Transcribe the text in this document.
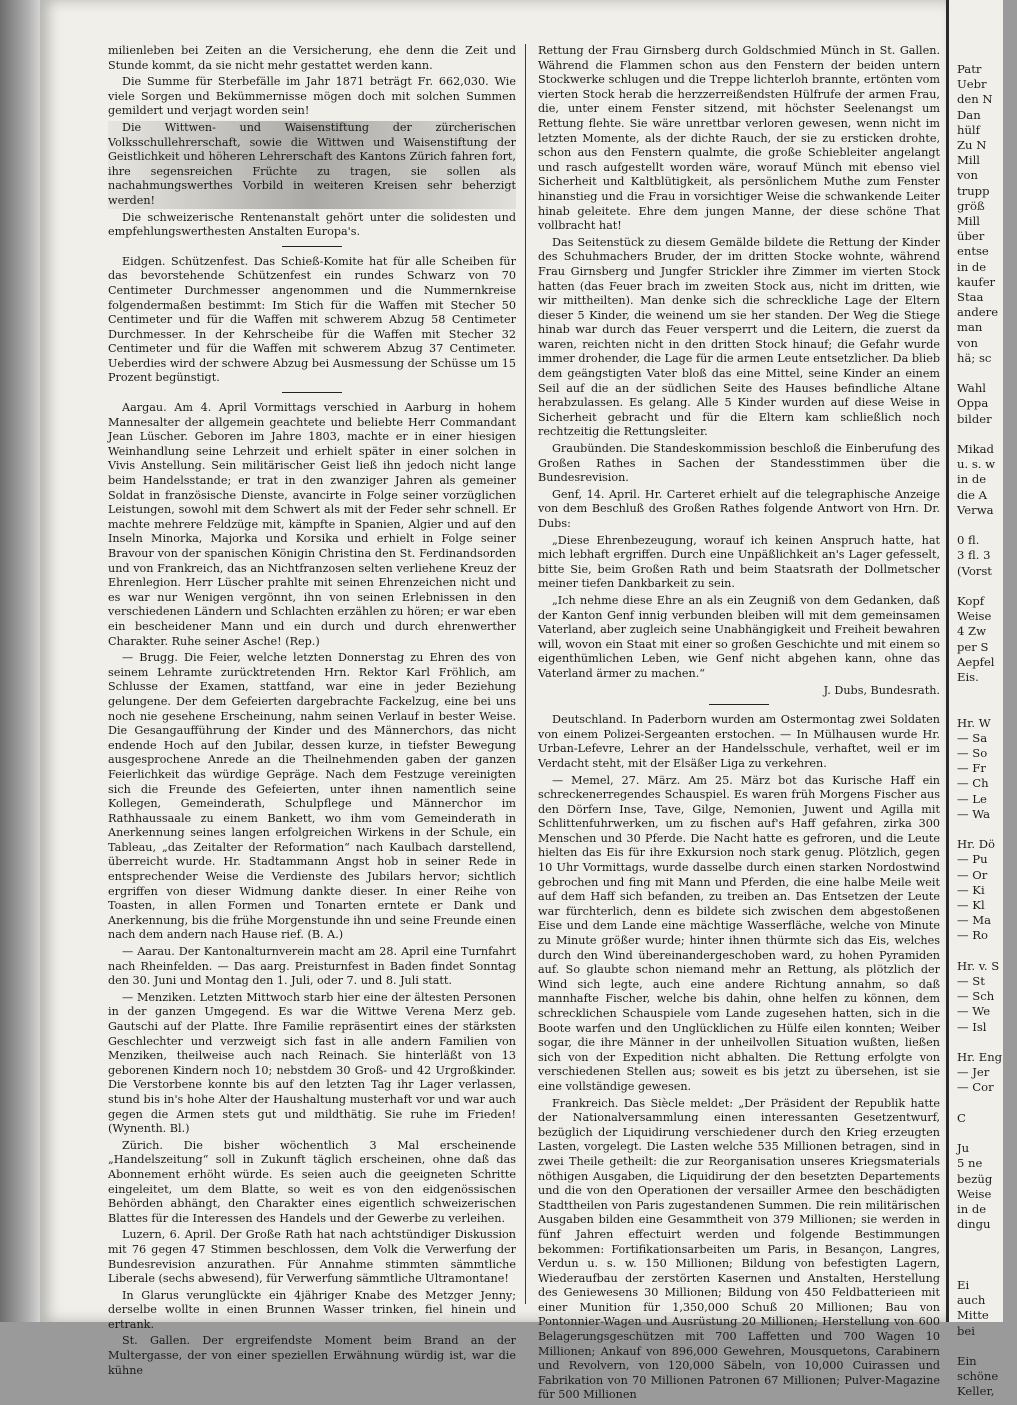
milienleben bei Zeiten an die Versicherung, ehe denn die Zeit und Stunde kommt, da sie nicht mehr gestattet werden kann.

Die Summe für Sterbefälle im Jahr 1871 beträgt Fr. 662,030. Wie viele Sorgen und Bekümmernisse mögen doch mit solchen Summen gemildert und verjagt worden sein!

Die Wittwen- und Waisenstiftung der zürcherischen Volksschullehrerschaft, sowie die Wittwen und Waisenstiftung der Geistlichkeit und höheren Lehrerschaft des Kantons Zürich fahren fort, ihre segensreichen Früchte zu tragen, sie sollen als nachahmungswerthes Vorbild in weiteren Kreisen sehr beherzigt werden!

Die schweizerische Rentenanstalt gehört unter die solidesten und empfehlungswerthesten Anstalten Europa's.

Eidgen. Schützenfest. Das Schieß-Komite hat für alle Scheiben für das bevorstehende Schützenfest ein rundes Schwarz von 70 Centimeter Durchmesser angenommen und die Nummernkreise folgendermaßen bestimmt: Im Stich für die Waffen mit Stecher 50 Centimeter und für die Waffen mit schwerem Abzug 58 Centimeter Durchmesser. In der Kehrscheibe für die Waffen mit Stecher 32 Centimeter und für die Waffen mit schwerem Abzug 37 Centimeter. Ueberdies wird der schwere Abzug bei Ausmessung der Schüsse um 15 Prozent begünstigt.

Aargau. Am 4. April Vormittags verschied in Aarburg in hohem Mannesalter der allgemein geachtete und beliebte Herr Commandant Jean Lüscher. Geboren im Jahre 1803, machte er in einer hiesigen Weinhandlung seine Lehrzeit und erhielt später in einer solchen in Vivis Anstellung. Sein militärischer Geist ließ ihn jedoch nicht lange beim Handelsstande; er trat in den zwanziger Jahren als gemeiner Soldat in französische Dienste, avancirte in Folge seiner vorzüglichen Leistungen, sowohl mit dem Schwert als mit der Feder sehr schnell. Er machte mehrere Feldzüge mit, kämpfte in Spanien, Algier und auf den Inseln Minorka, Majorka und Korsika und erhielt in Folge seiner Bravour von der spanischen Königin Christina den St. Ferdinandsorden und von Frankreich, das an Nichtfranzosen selten verliehene Kreuz der Ehrenlegion. Herr Lüscher prahlte mit seinen Ehrenzeichen nicht und es war nur Wenigen vergönnt, ihn von seinen Erlebnissen in den verschiedenen Ländern und Schlachten erzählen zu hören; er war eben ein bescheidener Mann und ein durch und durch ehrenwerther Charakter. Ruhe seiner Asche! (Rep.)

— Brugg. Die Feier, welche letzten Donnerstag zu Ehren des von seinem Lehramte zurücktretenden Hrn. Rektor Karl Fröhlich, am Schlusse der Examen, stattfand, war eine in jeder Beziehung gelungene. Der dem Gefeierten dargebrachte Fackelzug, eine bei uns noch nie gesehene Erscheinung, nahm seinen Verlauf in bester Weise. Die Gesangaufführung der Kinder und des Männerchors, das nicht endende Hoch auf den Jubilar, dessen kurze, in tiefster Bewegung ausgesprochene Anrede an die Theilnehmenden gaben der ganzen Feierlichkeit das würdige Gepräge. Nach dem Festzuge vereinigten sich die Freunde des Gefeierten, unter ihnen namentlich seine Kollegen, Gemeinderath, Schulpflege und Männerchor im Rathhaussaale zu einem Bankett, wo ihm vom Gemeinderath in Anerkennung seines langen erfolgreichen Wirkens in der Schule, ein Tableau, „das Zeitalter der Reformation“ nach Kaulbach darstellend, überreicht wurde. Hr. Stadtammann Angst hob in seiner Rede in entsprechender Weise die Verdienste des Jubilars hervor; sichtlich ergriffen von dieser Widmung dankte dieser. In einer Reihe von Toasten, in allen Formen und Tonarten erntete er Dank und Anerkennung, bis die frühe Morgenstunde ihn und seine Freunde einen nach dem andern nach Hause rief. (B. A.)

— Aarau. Der Kantonalturnverein macht am 28. April eine Turnfahrt nach Rheinfelden. — Das aarg. Preisturnfest in Baden findet Sonntag den 30. Juni und Montag den 1. Juli, oder 7. und 8. Juli statt.

— Menziken. Letzten Mittwoch starb hier eine der ältesten Personen in der ganzen Umgegend. Es war die Wittwe Verena Merz geb. Gautschi auf der Platte. Ihre Familie repräsentirt eines der stärksten Geschlechter und verzweigt sich fast in alle andern Familien von Menziken, theilweise auch nach Reinach. Sie hinterläßt von 13 geborenen Kindern noch 10; nebstdem 30 Groß- und 42 Urgroßkinder. Die Verstorbene konnte bis auf den letzten Tag ihr Lager verlassen, stund bis in's hohe Alter der Haushaltung musterhaft vor und war auch gegen die Armen stets gut und mildthätig. Sie ruhe im Frieden! (Wynenth. Bl.)

Zürich. Die bisher wöchentlich 3 Mal erscheinende „Handelszeitung“ soll in Zukunft täglich erscheinen, ohne daß das Abonnement erhöht würde. Es seien auch die geeigneten Schritte eingeleitet, um dem Blatte, so weit es von den eidgenössischen Behörden abhängt, den Charakter eines eigentlich schweizerischen Blattes für die Interessen des Handels und der Gewerbe zu verleihen.

Luzern, 6. April. Der Große Rath hat nach achtstündiger Diskussion mit 76 gegen 47 Stimmen beschlossen, dem Volk die Verwerfung der Bundesrevision anzurathen. Für Annahme stimmten sämmtliche Liberale (sechs abwesend), für Verwerfung sämmtliche Ultramontane!

In Glarus verunglückte ein 4jähriger Knabe des Metzger Jenny; derselbe wollte in einen Brunnen Wasser trinken, fiel hinein und ertrank.

St. Gallen. Der ergreifendste Moment beim Brand an der Multergasse, der von einer speziellen Erwähnung würdig ist, war die kühne

Rettung der Frau Girnsberg durch Goldschmied Münch in St. Gallen. Während die Flammen schon aus den Fenstern der beiden untern Stockwerke schlugen und die Treppe lichterloh brannte, ertönten vom vierten Stock herab die herzzerreißendsten Hülfrufe der armen Frau, die, unter einem Fenster sitzend, mit höchster Seelenangst um Rettung flehte. Sie wäre unrettbar verloren gewesen, wenn nicht im letzten Momente, als der dichte Rauch, der sie zu ersticken drohte, schon aus den Fenstern qualmte, die große Schiebleiter angelangt und rasch aufgestellt worden wäre, worauf Münch mit ebenso viel Sicherheit und Kaltblütigkeit, als persönlichem Muthe zum Fenster hinanstieg und die Frau in vorsichtiger Weise die schwankende Leiter hinab geleitete. Ehre dem jungen Manne, der diese schöne That vollbracht hat!

Das Seitenstück zu diesem Gemälde bildete die Rettung der Kinder des Schuhmachers Bruder, der im dritten Stocke wohnte, während Frau Girnsberg und Jungfer Strickler ihre Zimmer im vierten Stock hatten (das Feuer brach im zweiten Stock aus, nicht im dritten, wie wir mittheilten). Man denke sich die schreckliche Lage der Eltern dieser 5 Kinder, die weinend um sie her standen. Der Weg die Stiege hinab war durch das Feuer versperrt und die Leitern, die zuerst da waren, reichten nicht in den dritten Stock hinauf; die Gefahr wurde immer drohender, die Lage für die armen Leute entsetzlicher. Da blieb dem geängstigten Vater bloß das eine Mittel, seine Kinder an einem Seil auf die an der südlichen Seite des Hauses befindliche Altane herabzulassen. Es gelang. Alle 5 Kinder wurden auf diese Weise in Sicherheit gebracht und für die Eltern kam schließlich noch rechtzeitig die Rettungsleiter.

Graubünden. Die Standeskommission beschloß die Einberufung des Großen Rathes in Sachen der Standesstimmen über die Bundesrevision.

Genf, 14. April. Hr. Carteret erhielt auf die telegraphische Anzeige von dem Beschluß des Großen Rathes folgende Antwort von Hrn. Dr. Dubs:

„Diese Ehrenbezeugung, worauf ich keinen Anspruch hatte, hat mich lebhaft ergriffen. Durch eine Unpäßlichkeit an's Lager gefesselt, bitte Sie, beim Großen Rath und beim Staatsrath der Dollmetscher meiner tiefen Dankbarkeit zu sein.

„Ich nehme diese Ehre an als ein Zeugniß von dem Gedanken, daß der Kanton Genf innig verbunden bleiben will mit dem gemeinsamen Vaterland, aber zugleich seine Unabhängigkeit und Freiheit bewahren will, wovon ein Staat mit einer so großen Geschichte und mit einem so eigenthümlichen Leben, wie Genf nicht abgehen kann, ohne das Vaterland ärmer zu machen.“

J. Dubs, Bundesrath.

Deutschland. In Paderborn wurden am Ostermontag zwei Soldaten von einem Polizei-Sergeanten erstochen. — In Mülhausen wurde Hr. Urban-Lefevre, Lehrer an der Handelsschule, verhaftet, weil er im Verdacht steht, mit der Elsäßer Liga zu verkehren.

— Memel, 27. März. Am 25. März bot das Kurische Haff ein schreckenerregendes Schauspiel. Es waren früh Morgens Fischer aus den Dörfern Inse, Tave, Gilge, Nemonien, Juwent und Agilla mit Schlittenfuhrwerken, um zu fischen auf's Haff gefahren, zirka 300 Menschen und 30 Pferde. Die Nacht hatte es gefroren, und die Leute hielten das Eis für ihre Exkursion noch stark genug. Plötzlich, gegen 10 Uhr Vormittags, wurde dasselbe durch einen starken Nordostwind gebrochen und fing mit Mann und Pferden, die eine halbe Meile weit auf dem Haff sich befanden, zu treiben an. Das Entsetzen der Leute war fürchterlich, denn es bildete sich zwischen dem abgestoßenen Eise und dem Lande eine mächtige Wasserfläche, welche von Minute zu Minute größer wurde; hinter ihnen thürmte sich das Eis, welches durch den Wind übereinandergeschoben ward, zu hohen Pyramiden auf. So glaubte schon niemand mehr an Rettung, als plötzlich der Wind sich legte, auch eine andere Richtung annahm, so daß mannhafte Fischer, welche bis dahin, ohne helfen zu können, dem schrecklichen Schauspiele vom Lande zugesehen hatten, sich in die Boote warfen und den Unglücklichen zu Hülfe eilen konnten; Weiber sogar, die ihre Männer in der unheilvollen Situation wußten, ließen sich von der Expedition nicht abhalten. Die Rettung erfolgte von verschiedenen Stellen aus; soweit es bis jetzt zu übersehen, ist sie eine vollständige gewesen.

Frankreich. Das Siècle meldet: „Der Präsident der Republik hatte der Nationalversammlung einen interessanten Gesetzentwurf, bezüglich der Liquidirung verschiedener durch den Krieg erzeugten Lasten, vorgelegt. Die Lasten welche 535 Millionen betragen, sind in zwei Theile getheilt: die zur Reorganisation unseres Kriegsmaterials nöthigen Ausgaben, die Liquidirung der den besetzten Departements und die von den Operationen der versailler Armee den beschädigten Stadttheilen von Paris zugestandenen Summen. Die rein militärischen Ausgaben bilden eine Gesammtheit von 379 Millionen; sie werden in fünf Jahren effectuirt werden und folgende Bestimmungen bekommen: Fortifikationsarbeiten um Paris, in Besançon, Langres, Verdun u. s. w. 150 Millionen; Bildung von befestigten Lagern, Wiederaufbau der zerstörten Kasernen und Anstalten, Herstellung des Geniewesens 30 Millionen; Bildung von 450 Feldbatterieen mit einer Munition für 1,350,000 Schuß 20 Millionen; Bau von Pontonnier-Wagen und Ausrüstung 20 Millionen; Herstellung von 600 Belagerungsgeschützen mit 700 Laffetten und 700 Wagen 10 Millionen; Ankauf von 896,000 Gewehren, Mousquetons, Carabinern und Revolvern, von 120,000 Säbeln, von 10,000 Cuirassen und Fabrikation von 70 Millionen Patronen 67 Millionen; Pulver-Magazine für 500 Millionen

Patr
Uebr
den N
Dan
hülf
Zu N
Mill
von
trupp
größ
Mill
über
entse
in de
kaufer
Staa
andere
man
von
hä; sc
Wahl
Oppa
bilder
Mikad
u. s. w
in de
die A
Verwa
0 fl.
3 fl. 3
(Vorst
Kopf
Weise
4 Zw
per S
Aepfel
Eis.
Hr. W
— Sa
— So
— Fr
— Ch
— Le
— Wa
Hr. Dö
— Pu
— Or
— Ki
— Kl
— Ma
— Ro
Hr. v. S
— St
— Sch
— We
— Isl
Hr. Eng
— Jer
— Cor
C
Ju
5 ne
bezüg
Weise
in de
dingu
Ei
auch
Mitte
bei
Ein
schöne
Keller,
